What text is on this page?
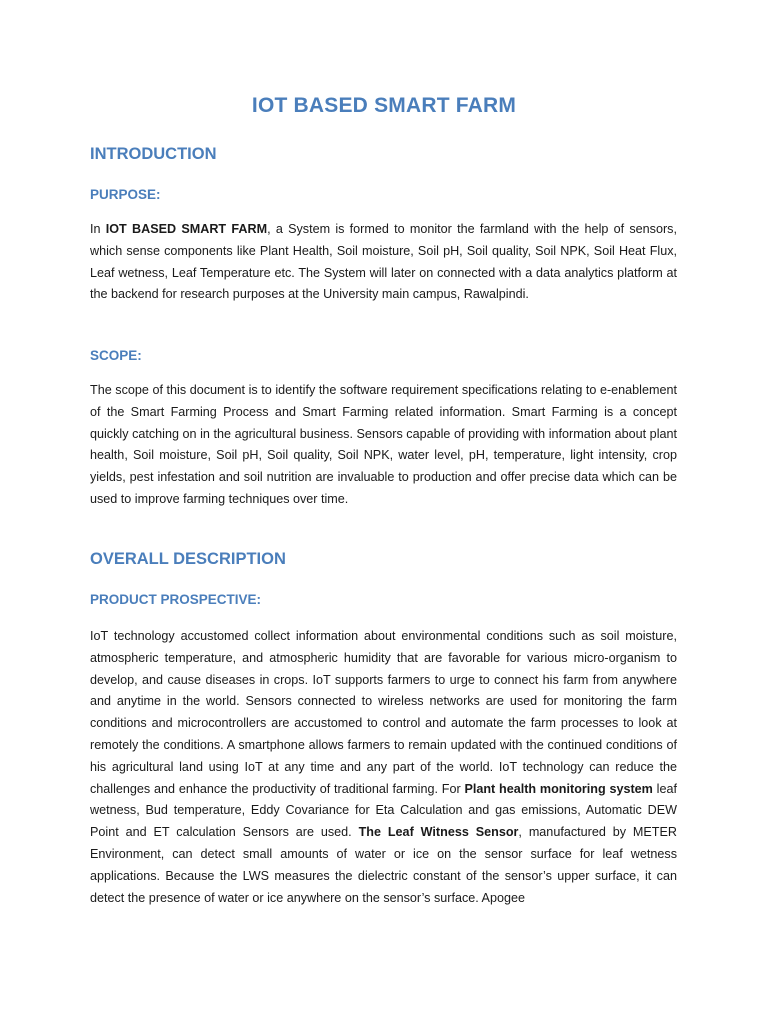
IOT BASED SMART FARM
INTRODUCTION
PURPOSE:

In IOT BASED SMART FARM, a System is formed to monitor the farmland with the help of sensors, which sense components like Plant Health, Soil moisture, Soil pH, Soil quality, Soil NPK, Soil Heat Flux, Leaf wetness, Leaf Temperature etc. The System will later on connected with a data analytics platform at the backend for research purposes at the University main campus, Rawalpindi.

SCOPE:

The scope of this document is to identify the software requirement specifications relating to e-enablement of the Smart Farming Process and Smart Farming related information. Smart Farming is a concept quickly catching on in the agricultural business. Sensors capable of providing with information about plant health, Soil moisture, Soil pH, Soil quality, Soil NPK, water level, pH, temperature, light intensity, crop yields, pest infestation and soil nutrition are invaluable to production and offer precise data which can be used to improve farming techniques over time.

OVERALL DESCRIPTION
PRODUCT PROSPECTIVE:

IoT technology accustomed collect information about environmental conditions such as soil moisture, atmospheric temperature, and atmospheric humidity that are favorable for various micro-organism to develop, and cause diseases in crops. IoT supports farmers to urge to connect his farm from anywhere and anytime in the world. Sensors connected to wireless networks are used for monitoring the farm conditions and microcontrollers are accustomed to control and automate the farm processes to look at remotely the conditions. A smartphone allows farmers to remain updated with the continued conditions of his agricultural land using IoT at any time and any part of the world. IoT technology can reduce the challenges and enhance the productivity of traditional farming. For Plant health monitoring system leaf wetness, Bud temperature, Eddy Covariance for Eta Calculation and gas emissions, Automatic DEW Point and ET calculation Sensors are used. The Leaf Witness Sensor, manufactured by METER Environment, can detect small amounts of water or ice on the sensor surface for leaf wetness applications. Because the LWS measures the dielectric constant of the sensor’s upper surface, it can detect the presence of water or ice anywhere on the sensor’s surface. Apogee
